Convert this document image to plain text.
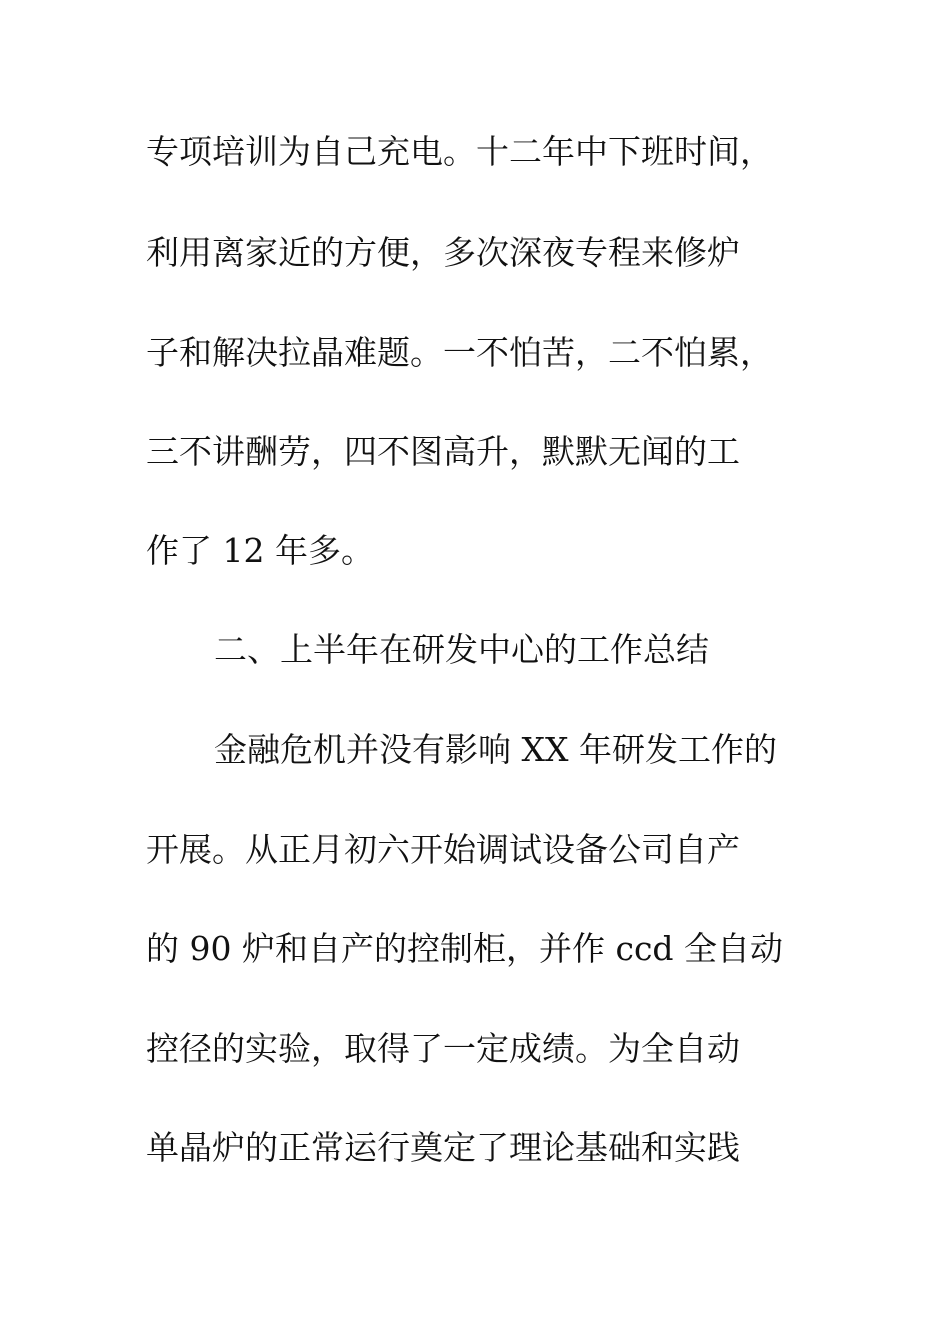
专项培训为自己充电。十二年中下班时间，
利用离家近的方便，多次深夜专程来修炉
子和解决拉晶难题。一不怕苦，二不怕累，
三不讲酬劳，四不图高升，默默无闻的工
作了 12 年多。
二、上半年在研发中心的工作总结
金融危机并没有影响 XX 年研发工作的
开展。从正月初六开始调试设备公司自产
的 90 炉和自产的控制柜，并作 ccd 全自动
控径的实验，取得了一定成绩。为全自动
单晶炉的正常运行奠定了理论基础和实践
